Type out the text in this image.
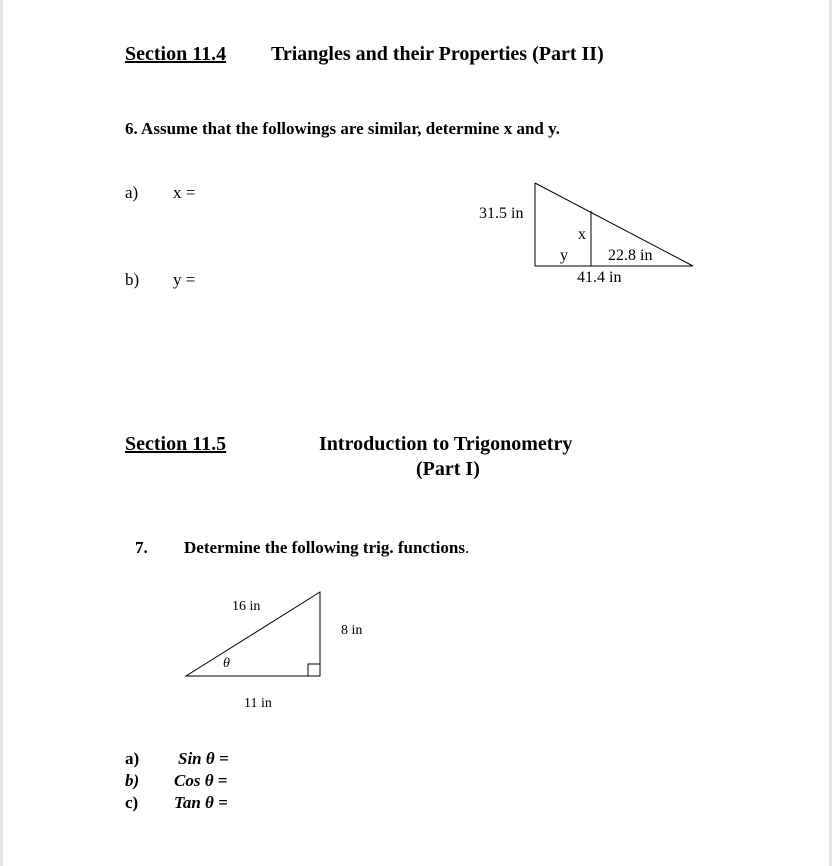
Section 11.4 Triangles and their Properties (Part II)
6. Assume that the followings are similar, determine x and y.
a) x =
b) y =
31.5 in
x
y	22.8 in
41.4 in
Section 11.5	Introduction to Trigonometry
(Part I)
7. Determine the following trig. functions.
16 in
8 in
11 in
θ
a) Sin θ =
b) Cos θ =
c) Tan θ =
